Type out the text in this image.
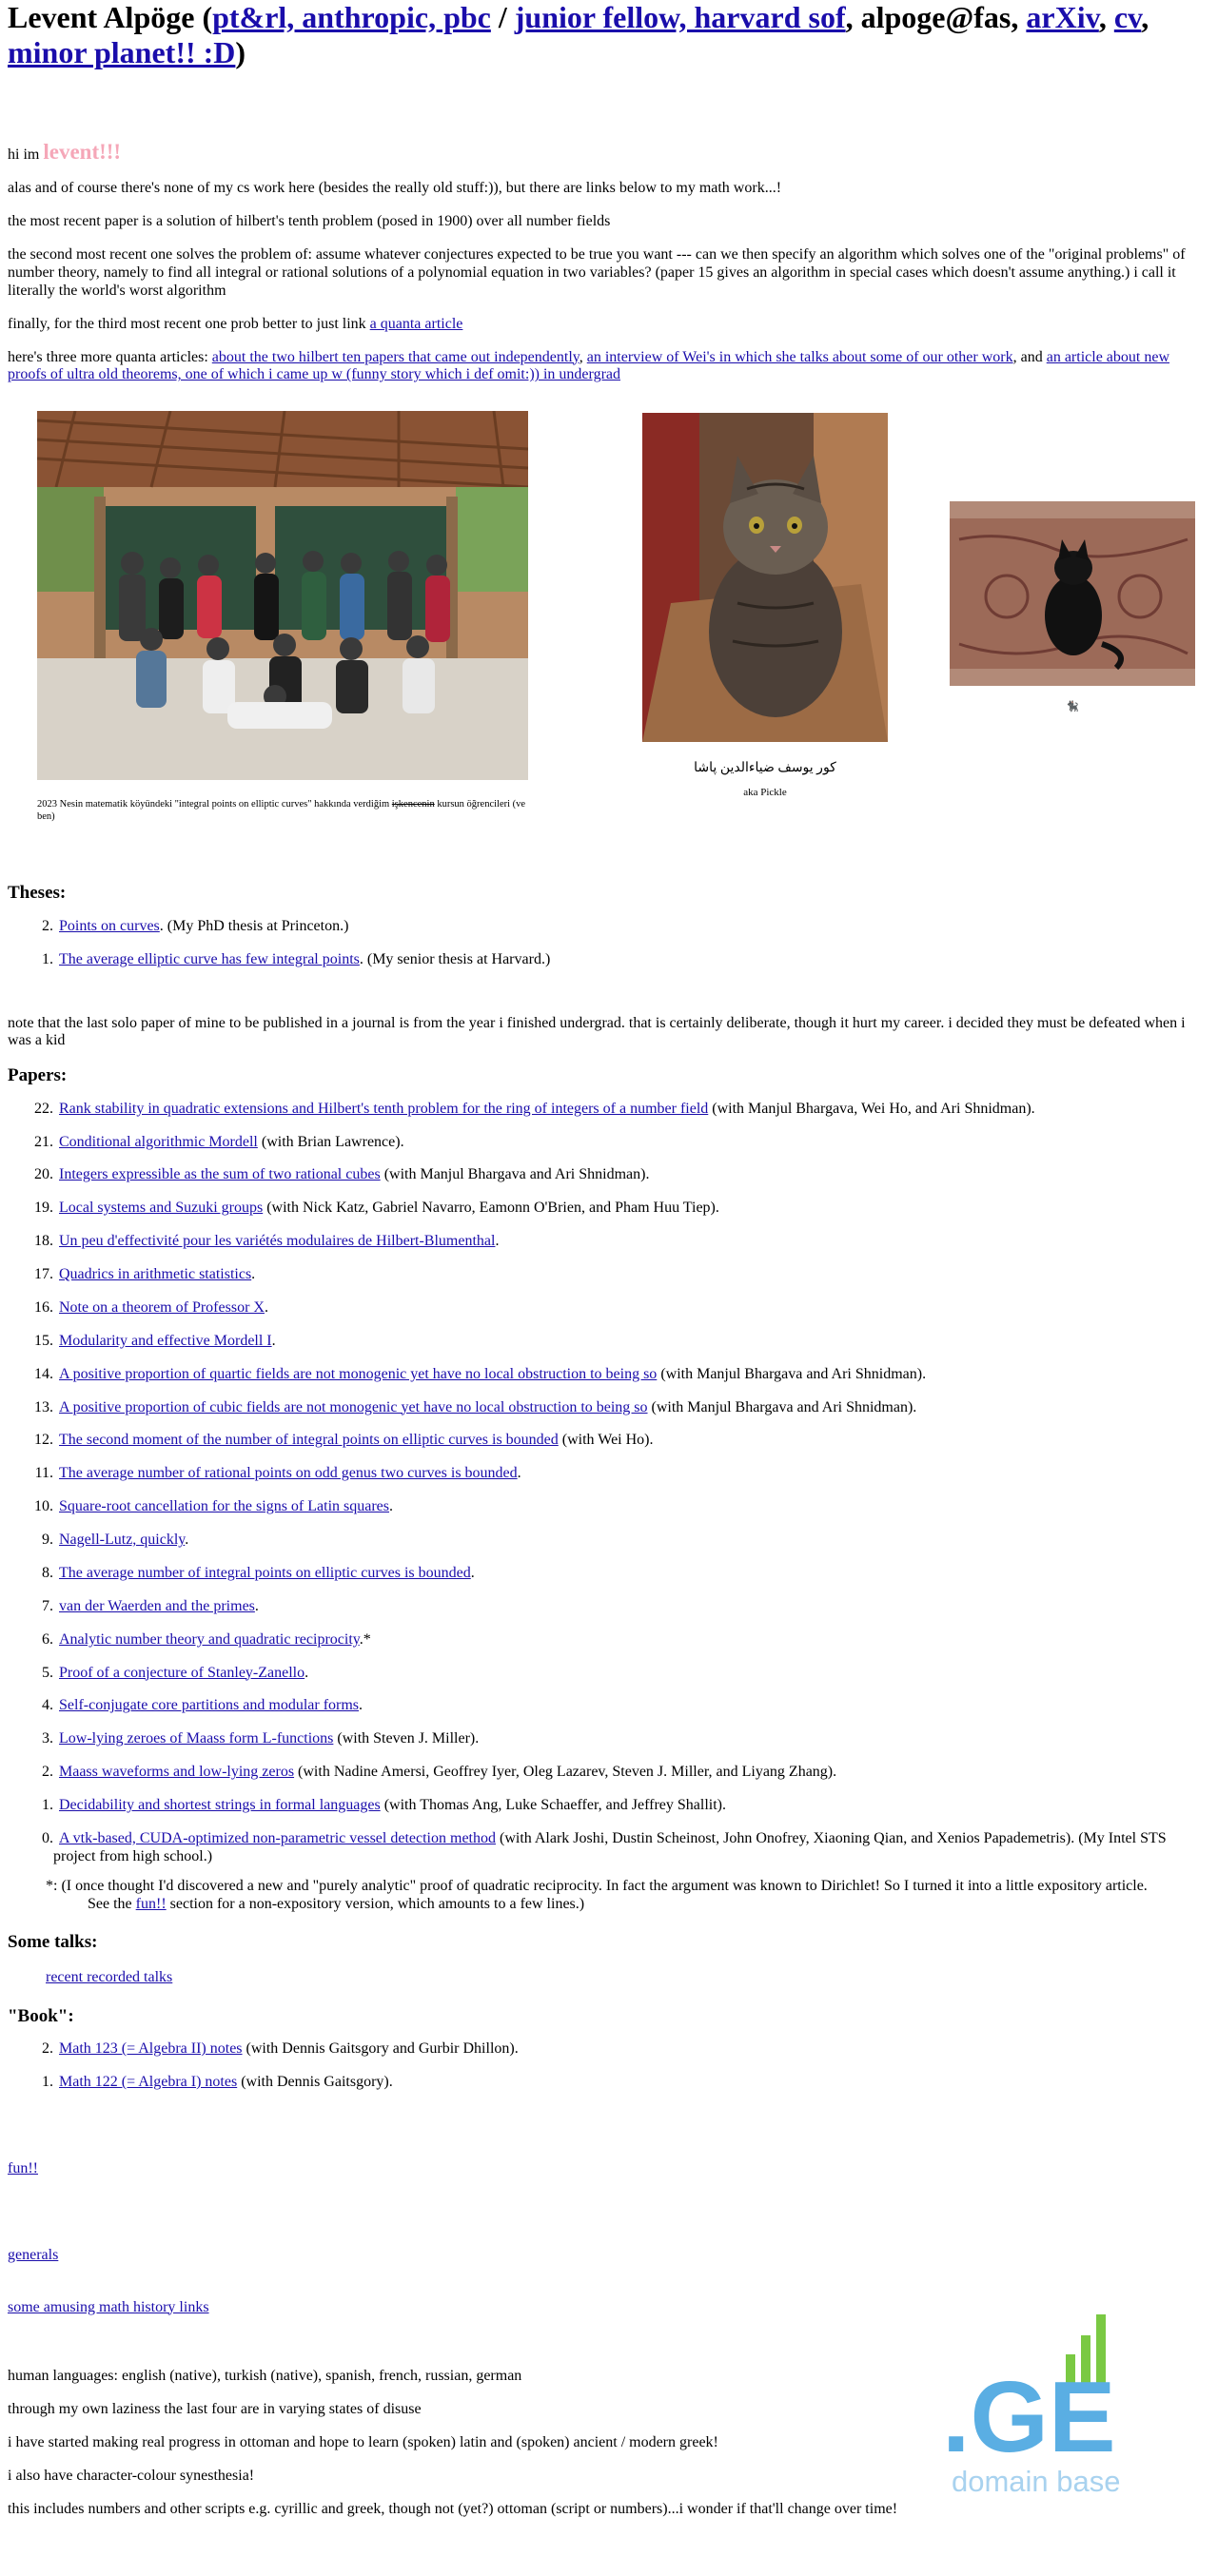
Levent Alpöge (pt&rl, anthropic, pbc / junior fellow, harvard sof, alpoge@fas, arXiv, cv,
minor planet!! :D)

hi im levent!!!

alas and of course there's none of my cs work here (besides the really old stuff:)), but there are links below to my math work...!

the most recent paper is a solution of hilbert's tenth problem (posed in 1900) over all number fields

the second most recent one solves the problem of: assume whatever conjectures expected to be true you want --- can we then specify an algorithm which solves one of the "original problems" of number theory, namely to find all integral or rational solutions of a polynomial equation in two variables? (paper 15 gives an algorithm in special cases which doesn't assume anything.) i call it literally the world's worst algorithm

finally, for the third most recent one prob better to just link a quanta article

here's three more quanta articles: about the two hilbert ten papers that came out independently, an interview of Wei's in which she talks about some of our other work, and an article about new proofs of ultra old theorems, one of which i came up w (funny story which i def omit:)) in undergrad

2023 Nesin matematik köyündeki "integral points on elliptic curves" hakkında verdiğim işkencenin kursun öğrencileri (ve ben)
کور یوسف ضیاءالدین پاشا
aka Pickle
🐈‍⬛
Theses:
2. Points on curves. (My PhD thesis at Princeton.)
1. The average elliptic curve has few integral points. (My senior thesis at Harvard.)

note that the last solo paper of mine to be published in a journal is from the year i finished undergrad. that is certainly deliberate, though it hurt my career. i decided they must be defeated when i was a kid

Papers:
22. Rank stability in quadratic extensions and Hilbert's tenth problem for the ring of integers of a number field (with Manjul Bhargava, Wei Ho, and Ari Shnidman).
21. Conditional algorithmic Mordell (with Brian Lawrence).
20. Integers expressible as the sum of two rational cubes (with Manjul Bhargava and Ari Shnidman).
19. Local systems and Suzuki groups (with Nick Katz, Gabriel Navarro, Eamonn O'Brien, and Pham Huu Tiep).
18. Un peu d'effectivité pour les variétés modulaires de Hilbert-Blumenthal.
17. Quadrics in arithmetic statistics.
16. Note on a theorem of Professor X.
15. Modularity and effective Mordell I.
14. A positive proportion of quartic fields are not monogenic yet have no local obstruction to being so (with Manjul Bhargava and Ari Shnidman).
13. A positive proportion of cubic fields are not monogenic yet have no local obstruction to being so (with Manjul Bhargava and Ari Shnidman).
12. The second moment of the number of integral points on elliptic curves is bounded (with Wei Ho).
11. The average number of rational points on odd genus two curves is bounded.
10. Square-root cancellation for the signs of Latin squares.
9. Nagell-Lutz, quickly.
8. The average number of integral points on elliptic curves is bounded.
7. van der Waerden and the primes.
6. Analytic number theory and quadratic reciprocity.*
5. Proof of a conjecture of Stanley-Zanello.
4. Self-conjugate core partitions and modular forms.
3. Low-lying zeroes of Maass form L-functions (with Steven J. Miller).
2. Maass waveforms and low-lying zeros (with Nadine Amersi, Geoffrey Iyer, Oleg Lazarev, Steven J. Miller, and Liyang Zhang).
1. Decidability and shortest strings in formal languages (with Thomas Ang, Luke Schaeffer, and Jeffrey Shallit).
0. A vtk-based, CUDA-optimized non-parametric vessel detection method (with Alark Joshi, Dustin Scheinost, John Onofrey, Xiaoning Qian, and Xenios Papademetris). (My Intel STS project from high school.)
*: (I once thought I'd discovered a new and "purely analytic" proof of quadratic reciprocity. In fact the argument was known to Dirichlet! So I turned it into a little expository article.
See the fun!! section for a non-expository version, which amounts to a few lines.)
Some talks:
recent recorded talks
"Book":
2. Math 123 (= Algebra II) notes (with Dennis Gaitsgory and Gurbir Dhillon).
1. Math 122 (= Algebra I) notes (with Dennis Gaitsgory).

fun!!

generals

some amusing math history links

human languages: english (native), turkish (native), spanish, french, russian, german

through my own laziness the last four are in varying states of disuse

i have started making real progress in ottoman and hope to learn (spoken) latin and (spoken) ancient / modern greek!

i also have character-colour synesthesia!

this includes numbers and other scripts e.g. cyrillic and greek, though not (yet?) ottoman (script or numbers)...i wonder if that'll change over time!

.GE
domain base
